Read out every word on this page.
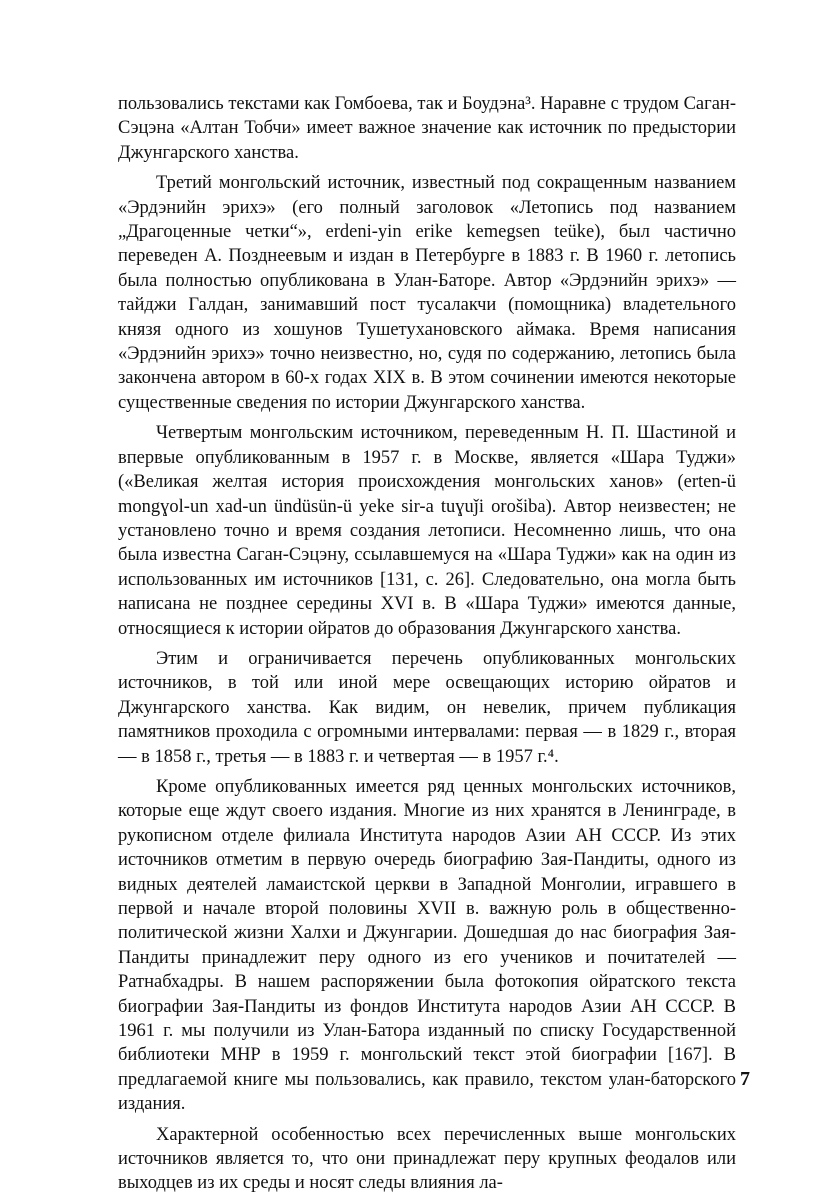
пользовались текстами как Гомбоева, так и Боудэна³. Наравне с трудом Саган-Сэцэна «Алтан Тобчи» имеет важное значение как источник по предыстории Джунгарского ханства.

Третий монгольский источник, известный под сокращенным названием «Эрдэнийн эрихэ» (его полный заголовок «Летопись под названием „Драгоценные четки“», erdeni-yin erike kemegsen teüke), был частично переведен А. Позднеевым и издан в Петербурге в 1883 г. В 1960 г. летопись была полностью опубликована в Улан-Баторе. Автор «Эрдэнийн эрихэ» — тайджи Галдан, занимавший пост тусалакчи (помощника) владетельного князя одного из хошунов Тушетухановского аймака. Время написания «Эрдэнийн эрихэ» точно неизвестно, но, судя по содержанию, летопись была закончена автором в 60-х годах XIX в. В этом сочинении имеются некоторые существенные сведения по истории Джунгарского ханства.

Четвертым монгольским источником, переведенным Н. П. Шастиной и впервые опубликованным в 1957 г. в Москве, является «Шара Туджи» («Великая желтая история происхождения монгольских ханов» (erten-ü mongɣol-un xad-un ündüsün-ü yeke sir-a tuɣuǰi orošiba). Автор неизвестен; не установлено точно и время создания летописи. Несомненно лишь, что она была известна Саган-Сэцэну, ссылавшемуся на «Шара Туджи» как на один из использованных им источников [131, с. 26]. Следовательно, она могла быть написана не позднее середины XVI в. В «Шара Туджи» имеются данные, относящиеся к истории ойратов до образования Джунгарского ханства.

Этим и ограничивается перечень опубликованных монгольских источников, в той или иной мере освещающих историю ойратов и Джунгарского ханства. Как видим, он невелик, причем публикация памятников проходила с огромными интервалами: первая — в 1829 г., вторая — в 1858 г., третья — в 1883 г. и четвертая — в 1957 г.⁴.

Кроме опубликованных имеется ряд ценных монгольских источников, которые еще ждут своего издания. Многие из них хранятся в Ленинграде, в рукописном отделе филиала Института народов Азии АН СССР. Из этих источников отметим в первую очередь биографию Зая-Пандиты, одного из видных деятелей ламаистской церкви в Западной Монголии, игравшего в первой и начале второй половины XVII в. важную роль в общественно-политической жизни Халхи и Джунгарии. Дошедшая до нас биография Зая-Пандиты принадлежит перу одного из его учеников и почитателей — Ратнабхадры. В нашем распоряжении была фотокопия ойратского текста биографии Зая-Пандиты из фондов Института народов Азии АН СССР. В 1961 г. мы получили из Улан-Батора изданный по списку Государственной библиотеки МНР в 1959 г. монгольский текст этой биографии [167]. В предлагаемой книге мы пользовались, как правило, текстом улан-баторского издания.

Характерной особенностью всех перечисленных выше монгольских источников является то, что они принадлежат перу крупных феодалов или выходцев из их среды и носят следы влияния ла-

7
